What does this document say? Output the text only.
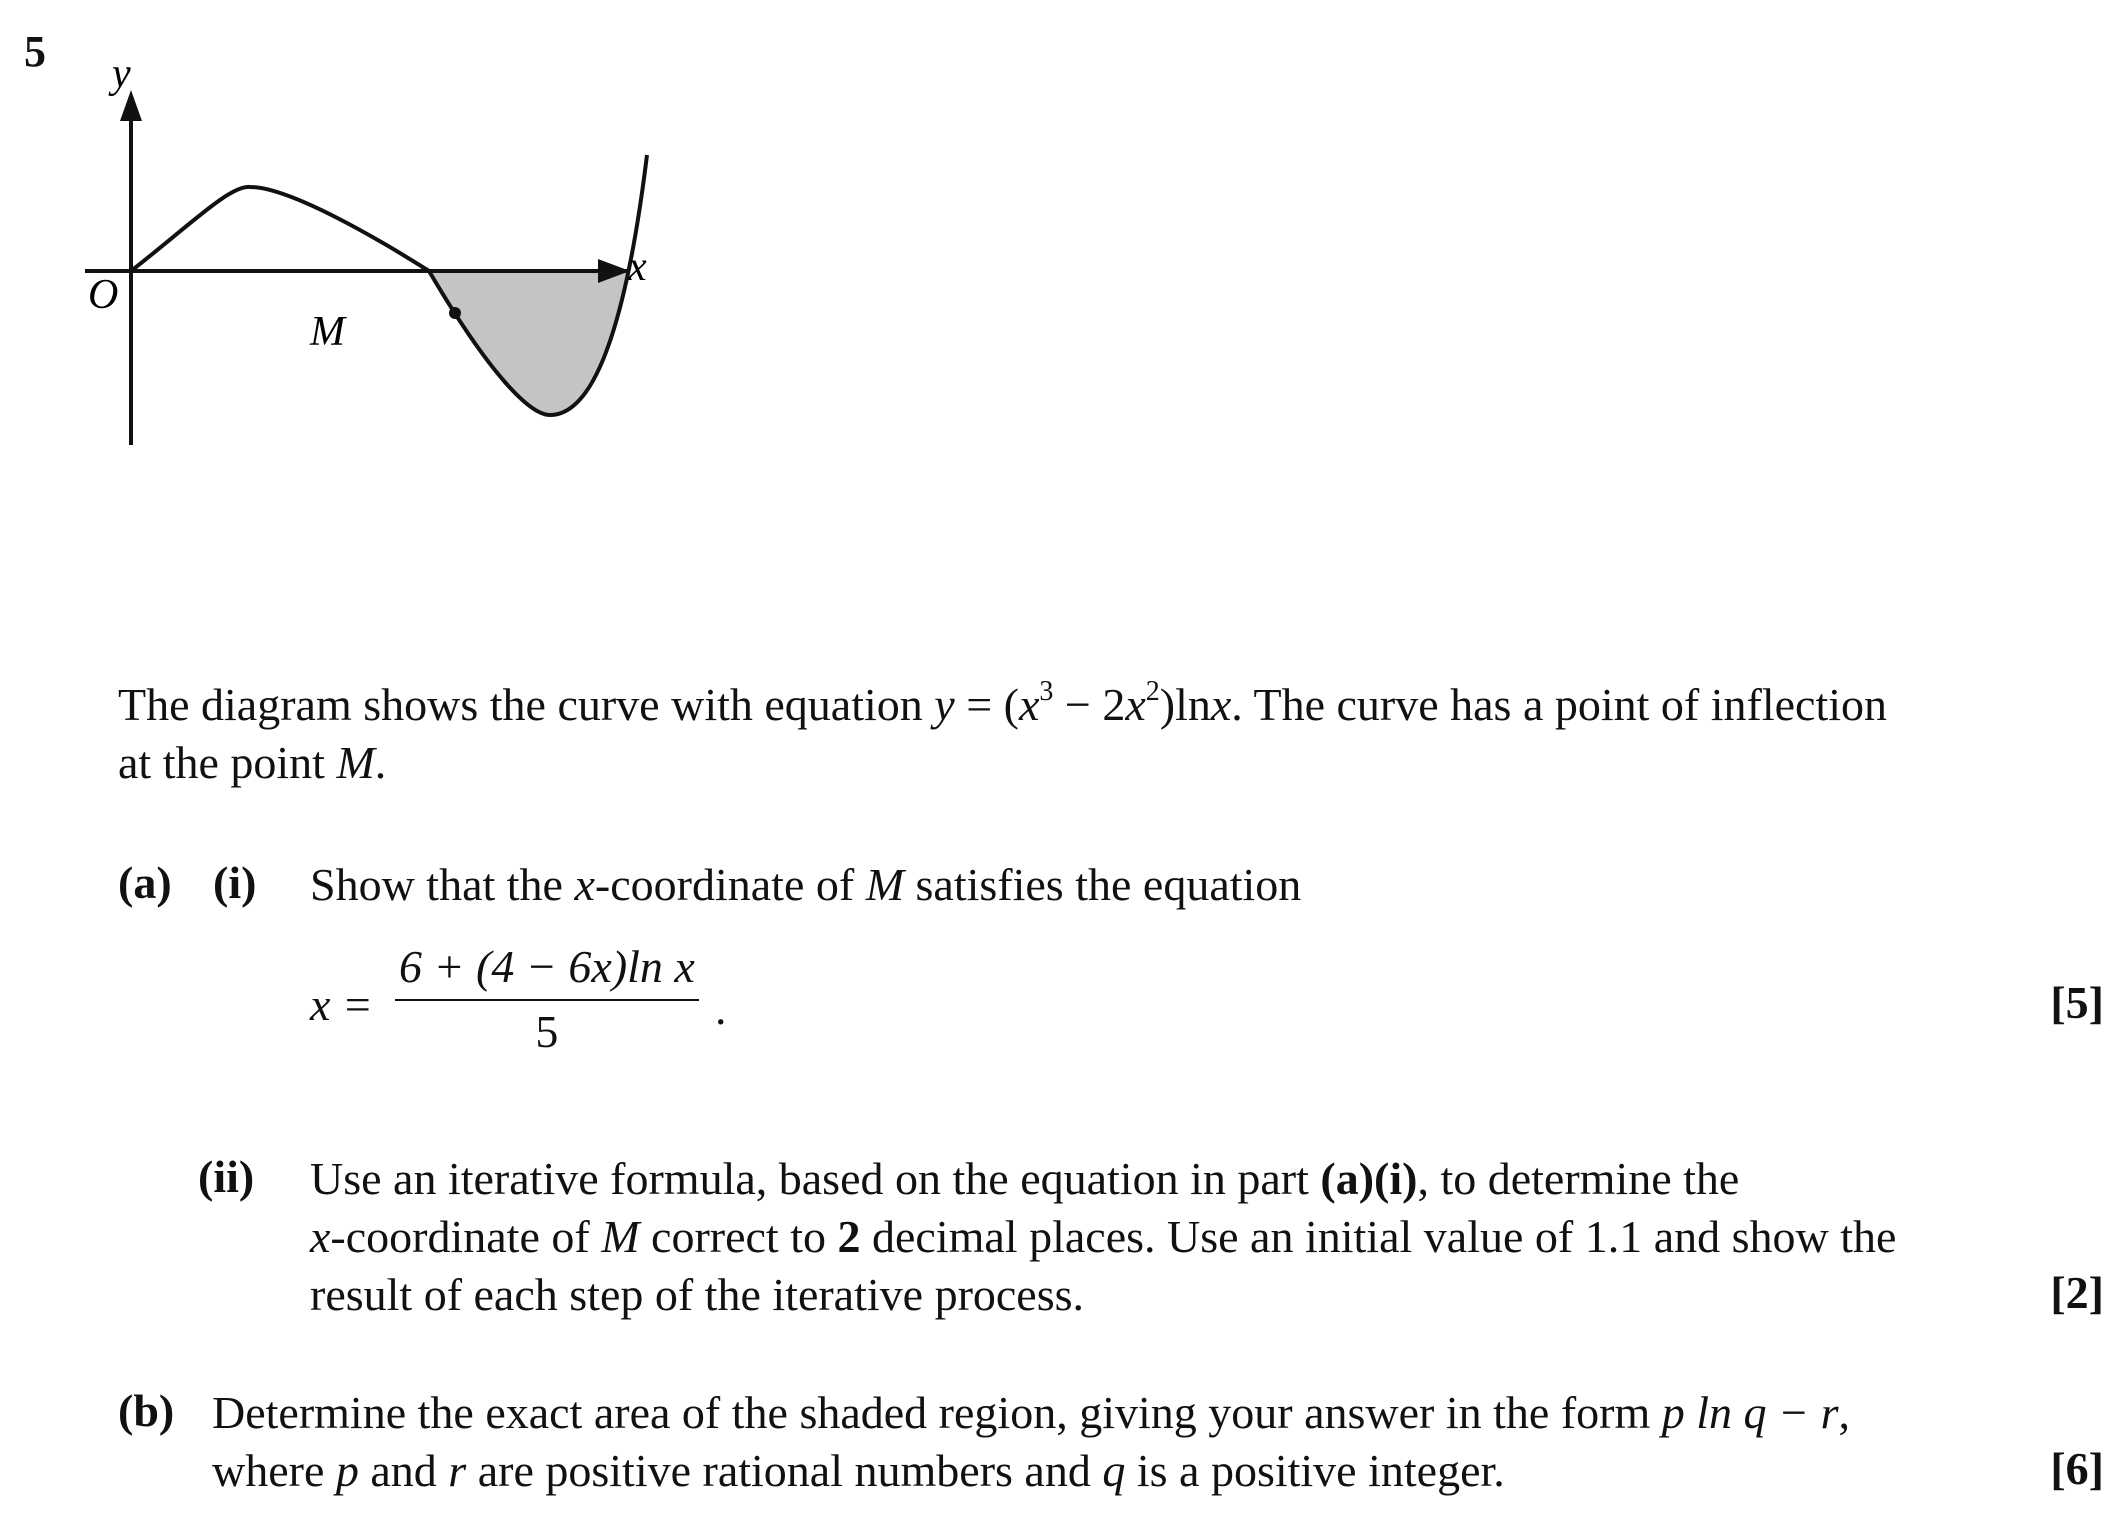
5 y
x
O
M
The diagram shows the curve with equation $y = (x^3 - 2x^2)\ln x$. The curve has a point of inflection
at the point M.
(a) (i) Show that the x-coordinate of M satisfies the equation
$x = \frac{\text{6 + (4 − 6x)ln x}}{5}$ .	[5]
(ii) Use an iterative formula, based on the equation in part (a)(i), to determine the
x-coordinate of M correct to 2 decimal places. Use an initial value of 1.1 and show the
result of each step of the iterative process.	[2]
(b) Determine the exact area of the shaded region, giving your answer in the form p ln q − r,
where p and r are positive rational numbers and q is a positive integer.	[6]
